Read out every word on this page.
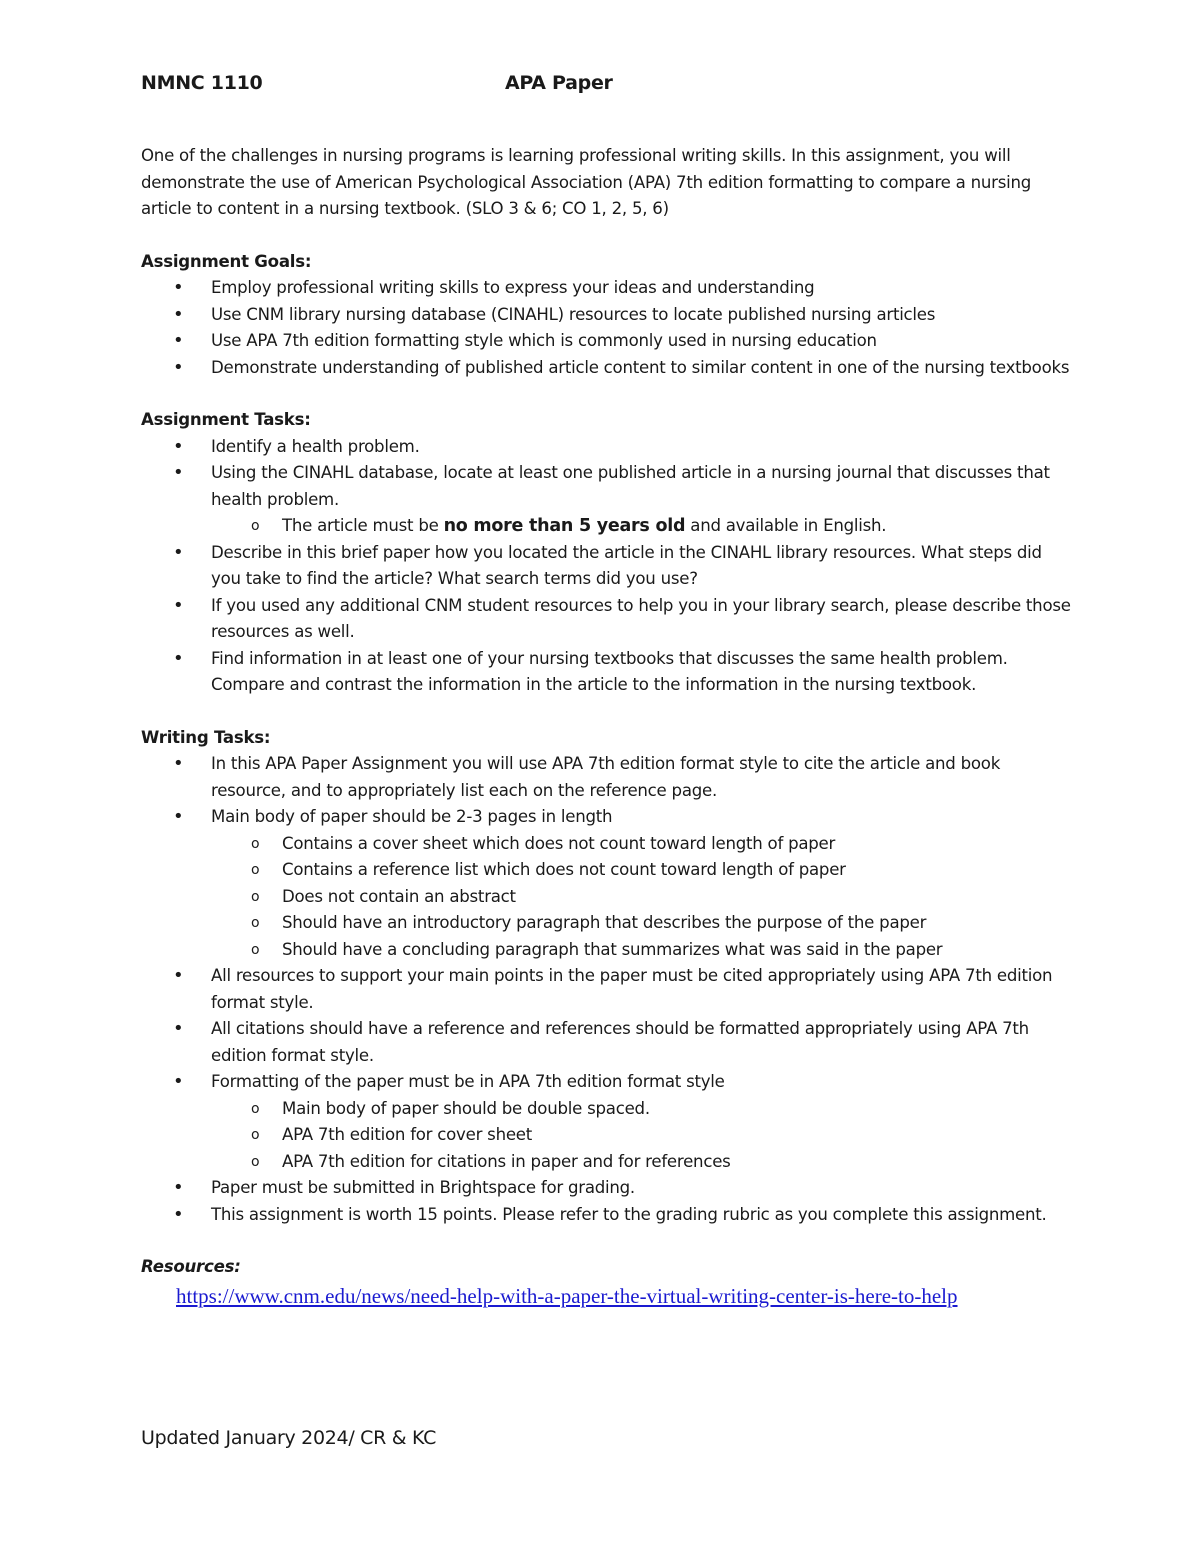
NMNC 1110	APA Paper

One of the challenges in nursing programs is learning professional writing skills. In this assignment, you will demonstrate the use of American Psychological Association (APA) 7th edition formatting to compare a nursing article to content in a nursing textbook. (SLO 3 & 6; CO 1, 2, 5, 6)

Assignment Goals:

• Employ professional writing skills to express your ideas and understanding
• Use CNM library nursing database (CINAHL) resources to locate published nursing articles
• Use APA 7th edition formatting style which is commonly used in nursing education
• Demonstrate understanding of published article content to similar content in one of the nursing textbooks

Assignment Tasks:

• Identify a health problem.
• Using the CINAHL database, locate at least one published article in a nursing journal that discusses that health problem.
o The article must be no more than 5 years old and available in English.
• Describe in this brief paper how you located the article in the CINAHL library resources. What steps did you take to find the article? What search terms did you use?
• If you used any additional CNM student resources to help you in your library search, please describe those resources as well.
• Find information in at least one of your nursing textbooks that discusses the same health problem. Compare and contrast the information in the article to the information in the nursing textbook.

Writing Tasks:

• In this APA Paper Assignment you will use APA 7th edition format style to cite the article and book resource, and to appropriately list each on the reference page.
• Main body of paper should be 2-3 pages in length
o Contains a cover sheet which does not count toward length of paper
o Contains a reference list which does not count toward length of paper
o Does not contain an abstract
o Should have an introductory paragraph that describes the purpose of the paper
o Should have a concluding paragraph that summarizes what was said in the paper
• All resources to support your main points in the paper must be cited appropriately using APA 7th edition format style.
• All citations should have a reference and references should be formatted appropriately using APA 7th edition format style.
• Formatting of the paper must be in APA 7th edition format style
o Main body of paper should be double spaced.
o APA 7th edition for cover sheet
o APA 7th edition for citations in paper and for references
• Paper must be submitted in Brightspace for grading.
• This assignment is worth 15 points. Please refer to the grading rubric as you complete this assignment.

Resources:

https://www.cnm.edu/news/need-help-with-a-paper-the-virtual-writing-center-is-here-to-help
Updated January 2024/ CR & KC
